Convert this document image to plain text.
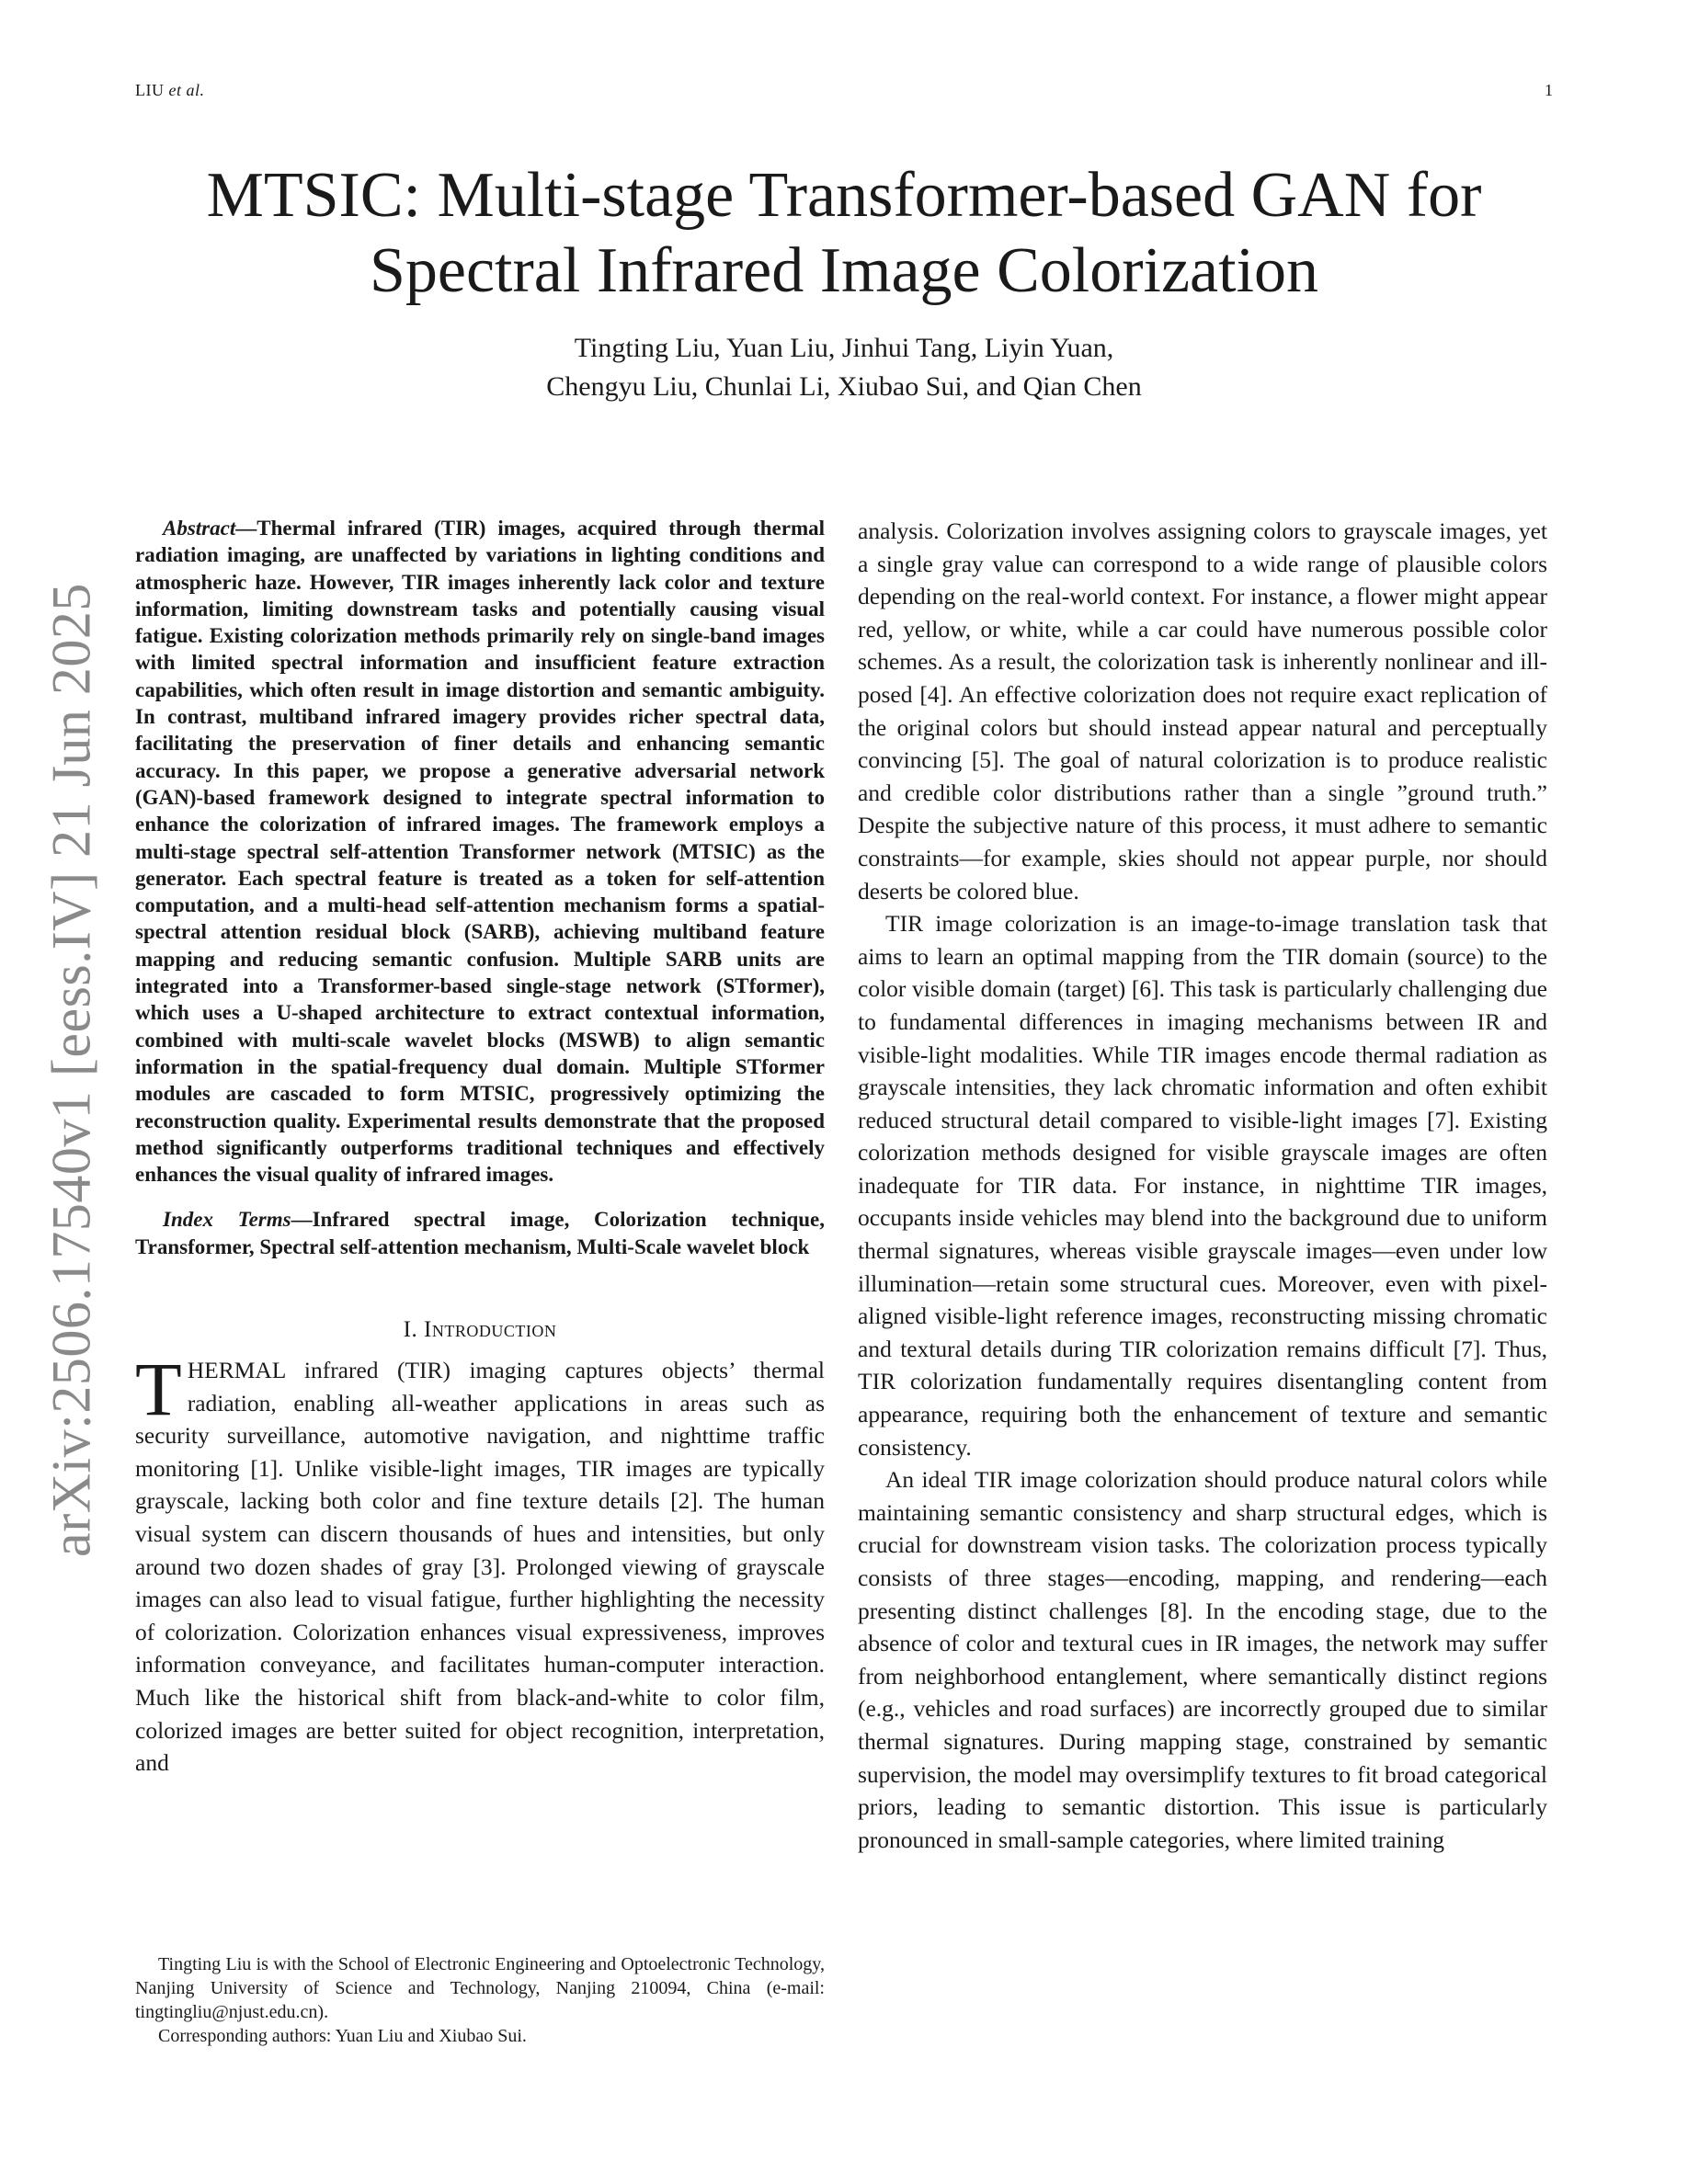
LIU et al.	1
arXiv:2506.17540v1 [eess.IV] 21 Jun 2025
MTSIC: Multi-stage Transformer-based GAN for
Spectral Infrared Image Colorization
Tingting Liu, Yuan Liu, Jinhui Tang, Liyin Yuan,
Chengyu Liu, Chunlai Li, Xiubao Sui, and Qian Chen

Abstract—Thermal infrared (TIR) images, acquired through thermal radiation imaging, are unaffected by variations in lighting conditions and atmospheric haze. However, TIR images inherently lack color and texture information, limiting downstream tasks and potentially causing visual fatigue. Existing colorization methods primarily rely on single-band images with limited spectral information and insufficient feature extraction capabilities, which often result in image distortion and semantic ambiguity. In contrast, multiband infrared imagery provides richer spectral data, facilitating the preservation of finer details and enhancing semantic accuracy. In this paper, we propose a generative adversarial network (GAN)-based framework designed to integrate spectral information to enhance the colorization of infrared images. The framework employs a multi-stage spectral self-attention Transformer network (MTSIC) as the generator. Each spectral feature is treated as a token for self-attention computation, and a multi-head self-attention mechanism forms a spatial-spectral attention residual block (SARB), achieving multiband feature mapping and reducing semantic confusion. Multiple SARB units are integrated into a Transformer-based single-stage network (STformer), which uses a U-shaped architecture to extract contextual information, combined with multi-scale wavelet blocks (MSWB) to align semantic information in the spatial-frequency dual domain. Multiple STformer modules are cascaded to form MTSIC, progressively optimizing the reconstruction quality. Experimental results demonstrate that the proposed method significantly outperforms traditional techniques and effectively enhances the visual quality of infrared images.

Index Terms—Infrared spectral image, Colorization technique, Transformer, Spectral self-attention mechanism, Multi-Scale wavelet block

I. Introduction

THERMAL infrared (TIR) imaging captures objects’ thermal radiation, enabling all-weather applications in areas such as security surveillance, automotive navigation, and nighttime traffic monitoring [1]. Unlike visible-light images, TIR images are typically grayscale, lacking both color and fine texture details [2]. The human visual system can discern thousands of hues and intensities, but only around two dozen shades of gray [3]. Prolonged viewing of grayscale images can also lead to visual fatigue, further highlighting the necessity of colorization. Colorization enhances visual expressiveness, improves information conveyance, and facilitates human-computer interaction. Much like the historical shift from black-and-white to color film, colorized images are better suited for object recognition, interpretation, and

analysis. Colorization involves assigning colors to grayscale images, yet a single gray value can correspond to a wide range of plausible colors depending on the real-world context. For instance, a flower might appear red, yellow, or white, while a car could have numerous possible color schemes. As a result, the colorization task is inherently nonlinear and ill-posed [4]. An effective colorization does not require exact replication of the original colors but should instead appear natural and perceptually convincing [5]. The goal of natural colorization is to produce realistic and credible color distributions rather than a single ”ground truth.” Despite the subjective nature of this process, it must adhere to semantic constraints—for example, skies should not appear purple, nor should deserts be colored blue.

TIR image colorization is an image-to-image translation task that aims to learn an optimal mapping from the TIR domain (source) to the color visible domain (target) [6]. This task is particularly challenging due to fundamental differences in imaging mechanisms between IR and visible-light modalities. While TIR images encode thermal radiation as grayscale intensities, they lack chromatic information and often exhibit reduced structural detail compared to visible-light images [7]. Existing colorization methods designed for visible grayscale images are often inadequate for TIR data. For instance, in nighttime TIR images, occupants inside vehicles may blend into the background due to uniform thermal signatures, whereas visible grayscale images—even under low illumination—retain some structural cues. Moreover, even with pixel-aligned visible-light reference images, reconstructing missing chromatic and textural details during TIR colorization remains difficult [7]. Thus, TIR colorization fundamentally requires disentangling content from appearance, requiring both the enhancement of texture and semantic consistency.

An ideal TIR image colorization should produce natural colors while maintaining semantic consistency and sharp structural edges, which is crucial for downstream vision tasks. The colorization process typically consists of three stages—encoding, mapping, and rendering—each presenting distinct challenges [8]. In the encoding stage, due to the absence of color and textural cues in IR images, the network may suffer from neighborhood entanglement, where semantically distinct regions (e.g., vehicles and road surfaces) are incorrectly grouped due to similar thermal signatures. During mapping stage, constrained by semantic supervision, the model may oversimplify textures to fit broad categorical priors, leading to semantic distortion. This issue is particularly pronounced in small-sample categories, where limited training

Tingting Liu is with the School of Electronic Engineering and Optoelectronic Technology, Nanjing University of Science and Technology, Nanjing 210094, China (e-mail: tingtingliu@njust.edu.cn).

Corresponding authors: Yuan Liu and Xiubao Sui.
